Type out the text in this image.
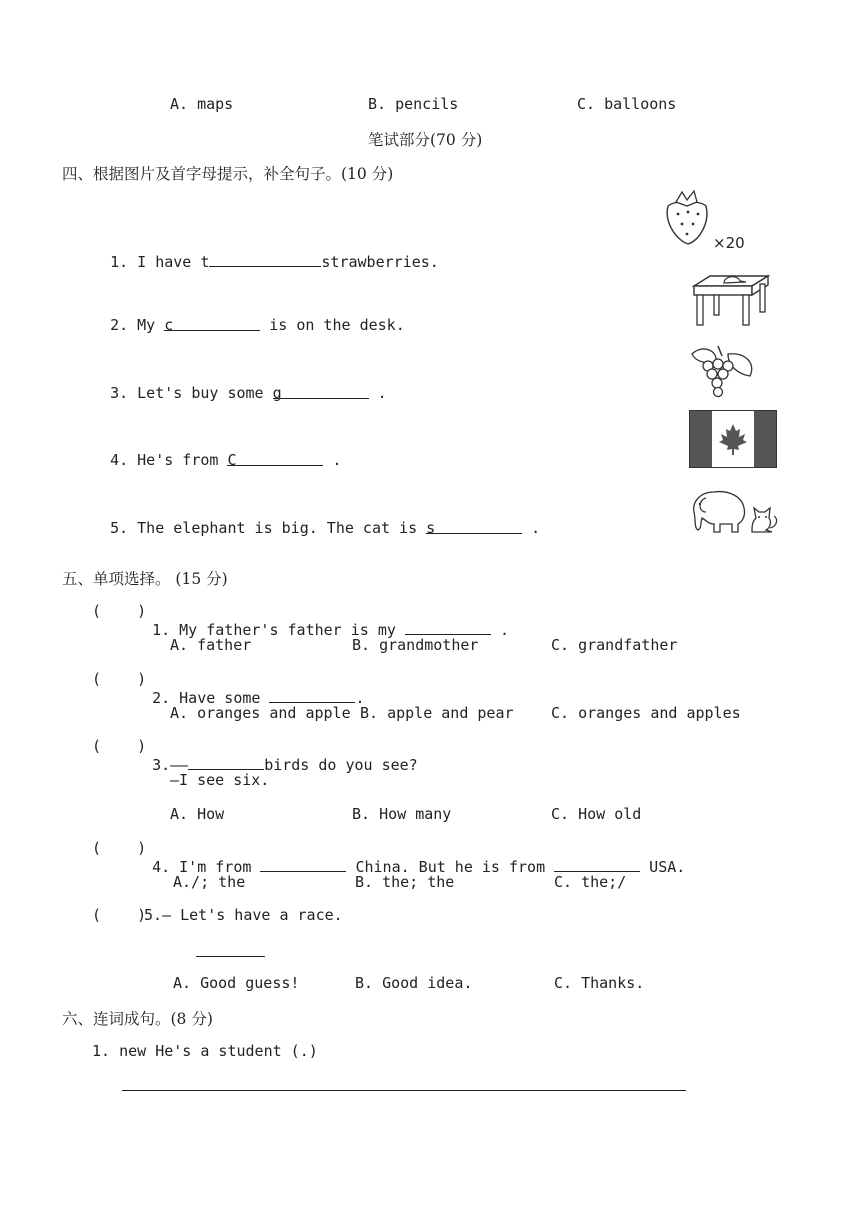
A. maps	B. pencils	C. balloons
笔试部分(70 分)
四、根据图片及首字母提示，补全句子。(10 分)

1. I have t	strawberries.

2. My c	is on the desk.

3. Let's buy some g	.

4. He's from C	.

5. The elephant is big. The cat is s	.

×20
五、单项选择。 (15 分)
(    )

1. My father's father is my	.

A. father	B. grandmother	C. grandfather
(    )

2. Have some	.

A. oranges and apple B. apple and pear C. oranges and apples
(    )

3.——	birds do you see?

—I see six.
A. How	B. How many	C. How old
(    )

4. I'm from	China. But he is from	USA.

A./; the	B. the; the	C. the;/
(    )
5.— Let's have a race.
A. Good guess!	B. Good idea.	C. Thanks.
六、连词成句。(8 分)
1. new He's a student (.)
